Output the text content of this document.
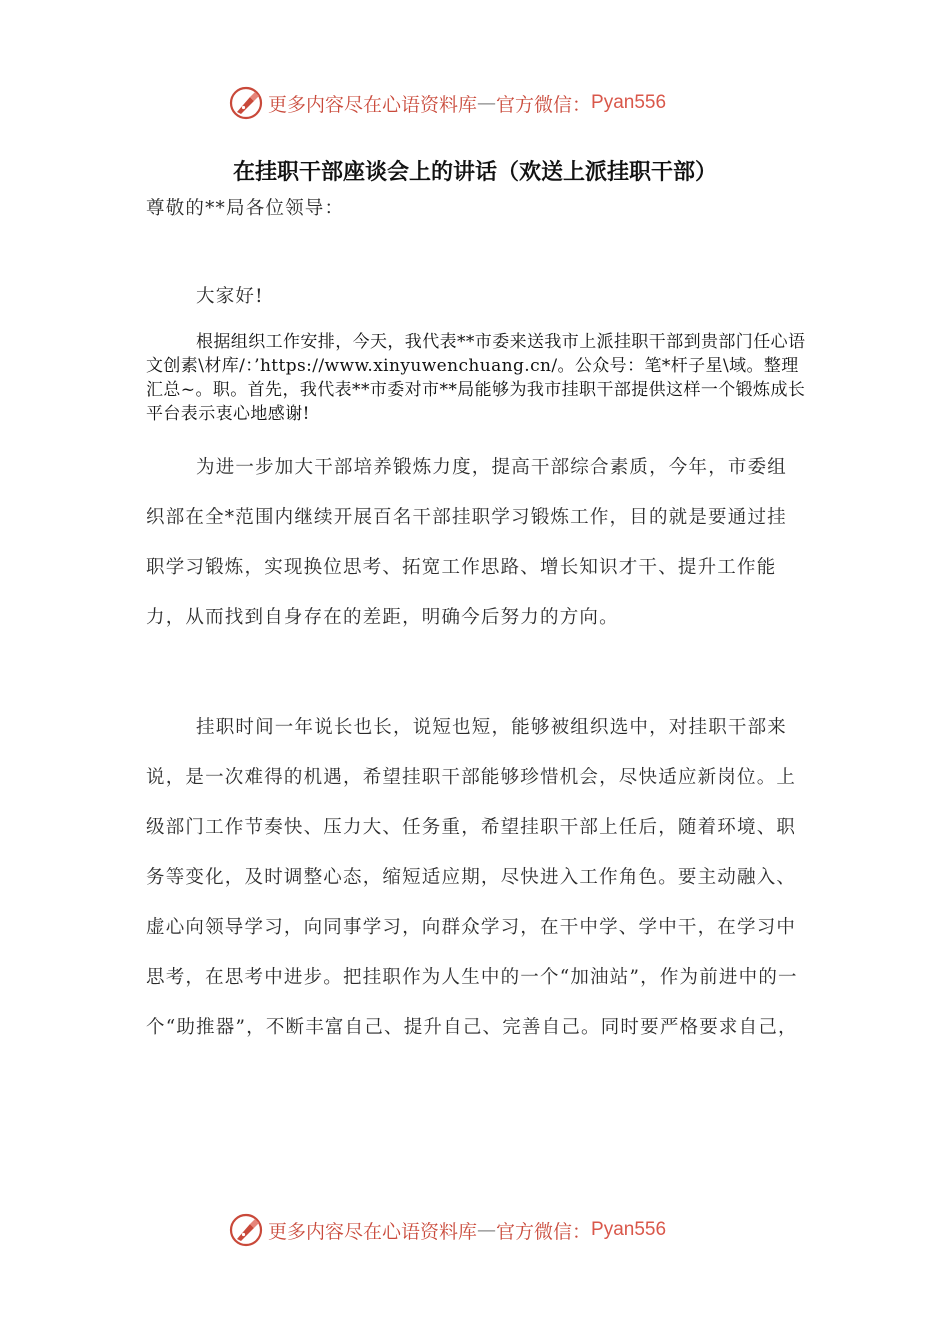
更多内容尽在心语资料库 — 官方微信： Pyan556
在挂职干部座谈会上的讲话（欢送上派挂职干部）

尊敬的**局各位领导：

大家好!

根据组织工作安排，今天，我代表**市委来送我市上派挂职干部到贵部门任心语文创素\材库/：’https://www.xinyuwenchuang.cn/。公众号：笔*杆子星\域。整理汇总~。职。首先，我代表**市委对市**局能够为我市挂职干部提供这样一个锻炼成长平台表示衷心地感谢!

为进一步加大干部培养锻炼力度，提高干部综合素质，今年，市委组织部在全*范围内继续开展百名干部挂职学习锻炼工作，目的就是要通过挂职学习锻炼，实现换位思考、拓宽工作思路、增长知识才干、提升工作能力，从而找到自身存在的差距，明确今后努力的方向。

挂职时间一年说长也长，说短也短，能够被组织选中，对挂职干部来说，是一次难得的机遇，希望挂职干部能够珍惜机会，尽快适应新岗位。上级部门工作节奏快、压力大、任务重，希望挂职干部上任后，随着环境、职务等变化，及时调整心态，缩短适应期，尽快进入工作角色。要主动融入、虚心向领导学习，向同事学习，向群众学习，在干中学、学中干，在学习中思考，在思考中进步。把挂职作为人生中的一个“加油站”，作为前进中的一个“助推器”，不断丰富自己、提升自己、完善自己。同时要严格要求自己，

更多内容尽在心语资料库 — 官方微信： Pyan556
